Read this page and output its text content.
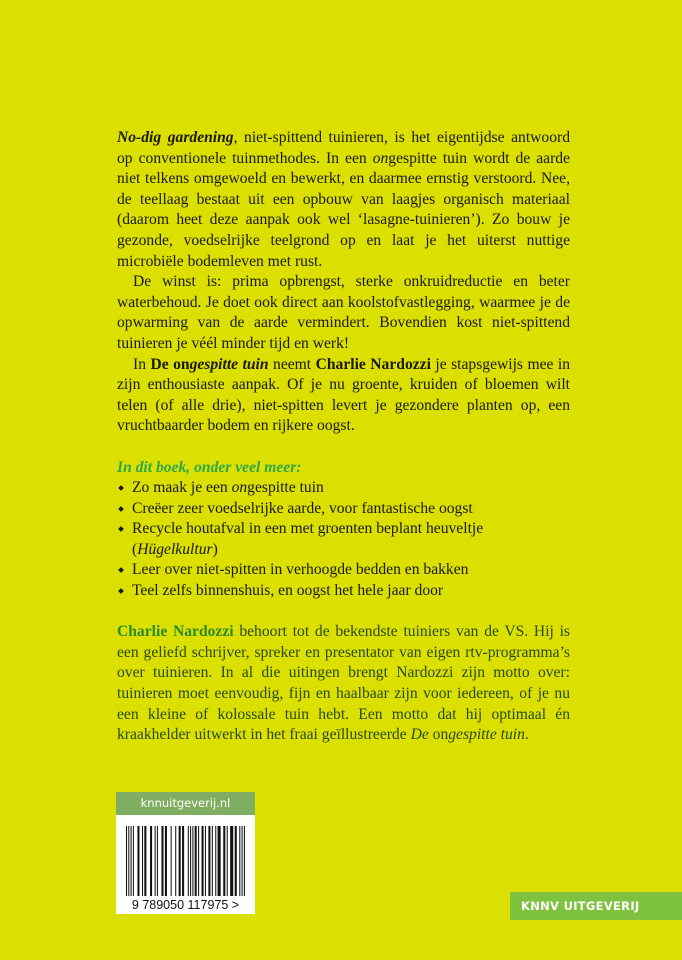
No-dig gardening, niet-spittend tuinieren, is het eigentijdse antwoord op conventionele tuinmethodes. In een ongespitte tuin wordt de aarde niet telkens omgewoeld en bewerkt, en daarmee ernstig verstoord. Nee, de teellaag bestaat uit een opbouw van laagjes organisch materiaal (daarom heet deze aanpak ook wel ‘lasagne-tuinieren’). Zo bouw je gezonde, voedselrijke teelgrond op en laat je het uiterst nuttige microbiële bodemleven met rust.

De winst is: prima opbrengst, sterke onkruidreductie en beter waterbehoud. Je doet ook direct aan koolstofvastlegging, waarmee je de opwarming van de aarde vermindert. Bovendien kost niet-spittend tuinieren je véél minder tijd en werk!

In De ongespitte tuin neemt Charlie Nardozzi je stapsgewijs mee in zijn enthousiaste aanpak. Of je nu groente, kruiden of bloemen wilt telen (of alle drie), niet-spitten levert je gezondere planten op, een vruchtbaarder bodem en rijkere oogst.

In dit boek, onder veel meer:

Zo maak je een ongespitte tuin
Creëer zeer voedselrijke aarde, voor fantastische oogst
Recycle houtafval in een met groenten beplant heuveltje (Hügelkultur)
Leer over niet-spitten in verhoogde bedden en bakken
Teel zelfs binnenshuis, en oogst het hele jaar door

Charlie Nardozzi behoort tot de bekendste tuiniers van de VS. Hij is een geliefd schrijver, spreker en presentator van eigen rtv-programma’s over tuinieren. In al die uitingen brengt Nardozzi zijn motto over: tuinieren moet eenvoudig, fijn en haalbaar zijn voor iedereen, of je nu een kleine of kolossale tuin hebt. Een motto dat hij optimaal én kraakhelder uitwerkt in het fraai geïllustreerde De ongespitte tuin.

knnuitgeverij.nl
9 789050 117975 >	KNNV UITGEVERIJ
